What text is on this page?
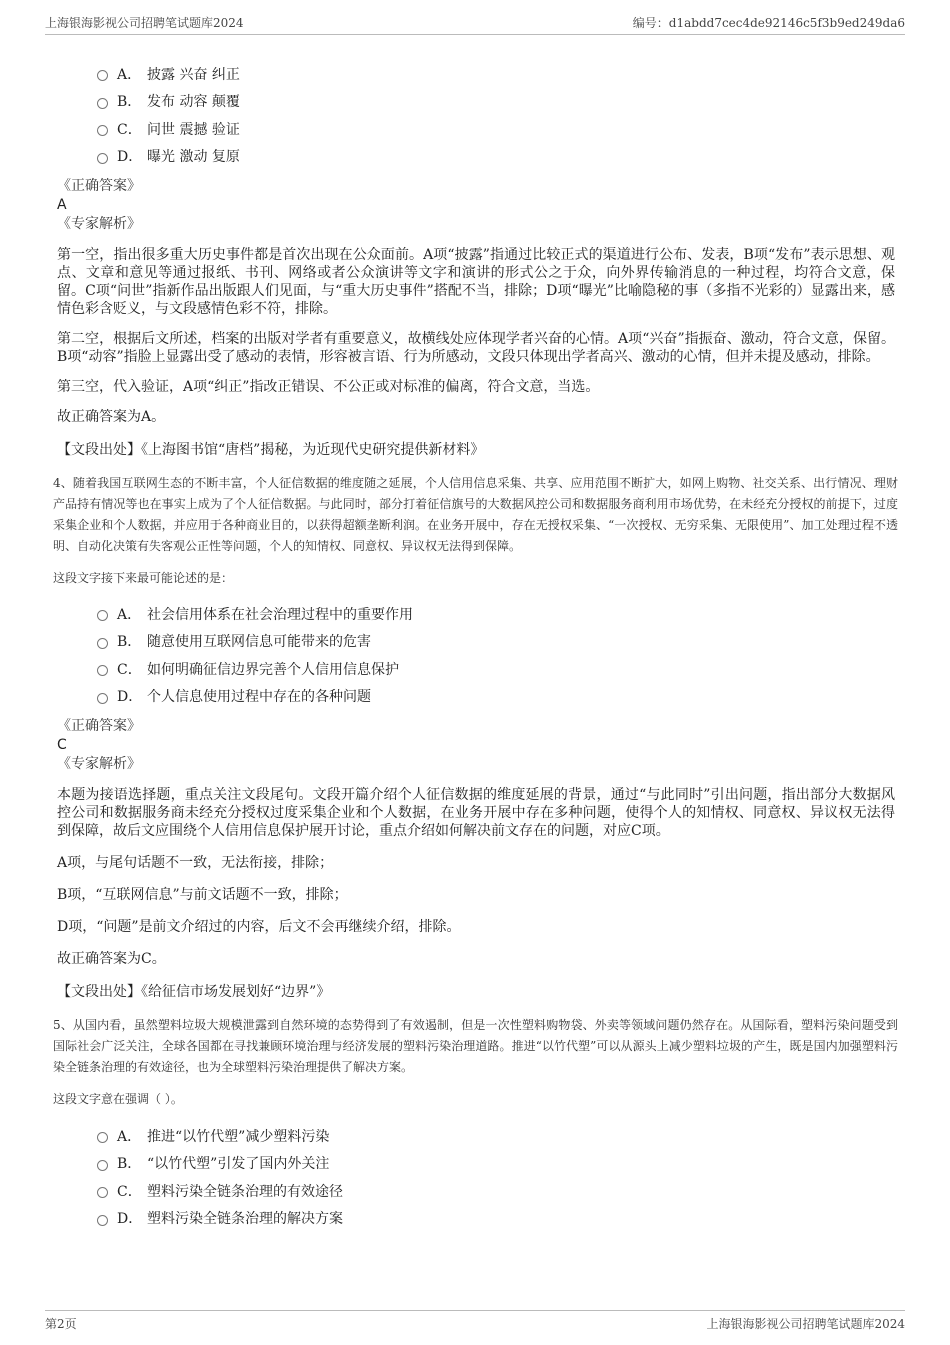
上海银海影视公司招聘笔试题库2024	编号：d1abdd7cec4de92146c5f3b9ed249da6
A． 披露 兴奋 纠正
B． 发布 动容 颠覆
C． 问世 震撼 验证
D． 曝光 激动 复原
《正确答案》
A
《专家解析》

第一空，指出很多重大历史事件都是首次出现在公众面前。A项“披露”指通过比较正式的渠道进行公布、发表，B项“发布”表示思想、观点、文章和意见等通过报纸、书刊、网络或者公众演讲等文字和演讲的形式公之于众，向外界传输消息的一种过程，均符合文意，保留。C项“问世”指新作品出版跟人们见面，与“重大历史事件”搭配不当，排除；D项“曝光”比喻隐秘的事（多指不光彩的）显露出来，感情色彩含贬义，与文段感情色彩不符，排除。

第二空，根据后文所述，档案的出版对学者有重要意义，故横线处应体现学者兴奋的心情。A项“兴奋”指振奋、激动，符合文意，保留。B项“动容”指脸上显露出受了感动的表情，形容被言语、行为所感动，文段只体现出学者高兴、激动的心情，但并未提及感动，排除。

第三空，代入验证，A项“纠正”指改正错误、不公正或对标准的偏离，符合文意，当选。

故正确答案为A。

【文段出处】《上海图书馆“唐档”揭秘，为近现代史研究提供新材料》

4、随着我国互联网生态的不断丰富，个人征信数据的维度随之延展，个人信用信息采集、共享、应用范围不断扩大，如网上购物、社交关系、出行情况、理财产品持有情况等也在事实上成为了个人征信数据。与此同时，部分打着征信旗号的大数据风控公司和数据服务商利用市场优势，在未经充分授权的前提下，过度采集企业和个人数据，并应用于各种商业目的，以获得超额垄断利润。在业务开展中，存在无授权采集、“一次授权、无穷采集、无限使用”、加工处理过程不透明、自动化决策有失客观公正性等问题，个人的知情权、同意权、异议权无法得到保障。

这段文字接下来最可能论述的是：

A． 社会信用体系在社会治理过程中的重要作用
B． 随意使用互联网信息可能带来的危害
C． 如何明确征信边界完善个人信用信息保护
D． 个人信息使用过程中存在的各种问题
《正确答案》
C
《专家解析》

本题为接语选择题，重点关注文段尾句。文段开篇介绍个人征信数据的维度延展的背景，通过“与此同时”引出问题，指出部分大数据风控公司和数据服务商未经充分授权过度采集企业和个人数据，在业务开展中存在多种问题，使得个人的知情权、同意权、异议权无法得到保障，故后文应围绕个人信用信息保护展开讨论，重点介绍如何解决前文存在的问题，对应C项。

A项，与尾句话题不一致，无法衔接，排除；

B项，“互联网信息”与前文话题不一致，排除；

D项，“问题”是前文介绍过的内容，后文不会再继续介绍，排除。

故正确答案为C。

【文段出处】《给征信市场发展划好“边界”》

5、从国内看，虽然塑料垃圾大规模泄露到自然环境的态势得到了有效遏制，但是一次性塑料购物袋、外卖等领域问题仍然存在。从国际看，塑料污染问题受到国际社会广泛关注，全球各国都在寻找兼顾环境治理与经济发展的塑料污染治理道路。推进“以竹代塑”可以从源头上减少塑料垃圾的产生，既是国内加强塑料污染全链条治理的有效途径，也为全球塑料污染治理提供了解决方案。

这段文字意在强调（ ）。

A． 推进“以竹代塑”减少塑料污染
B． “以竹代塑”引发了国内外关注
C． 塑料污染全链条治理的有效途径
D． 塑料污染全链条治理的解决方案
第2页	上海银海影视公司招聘笔试题库2024
